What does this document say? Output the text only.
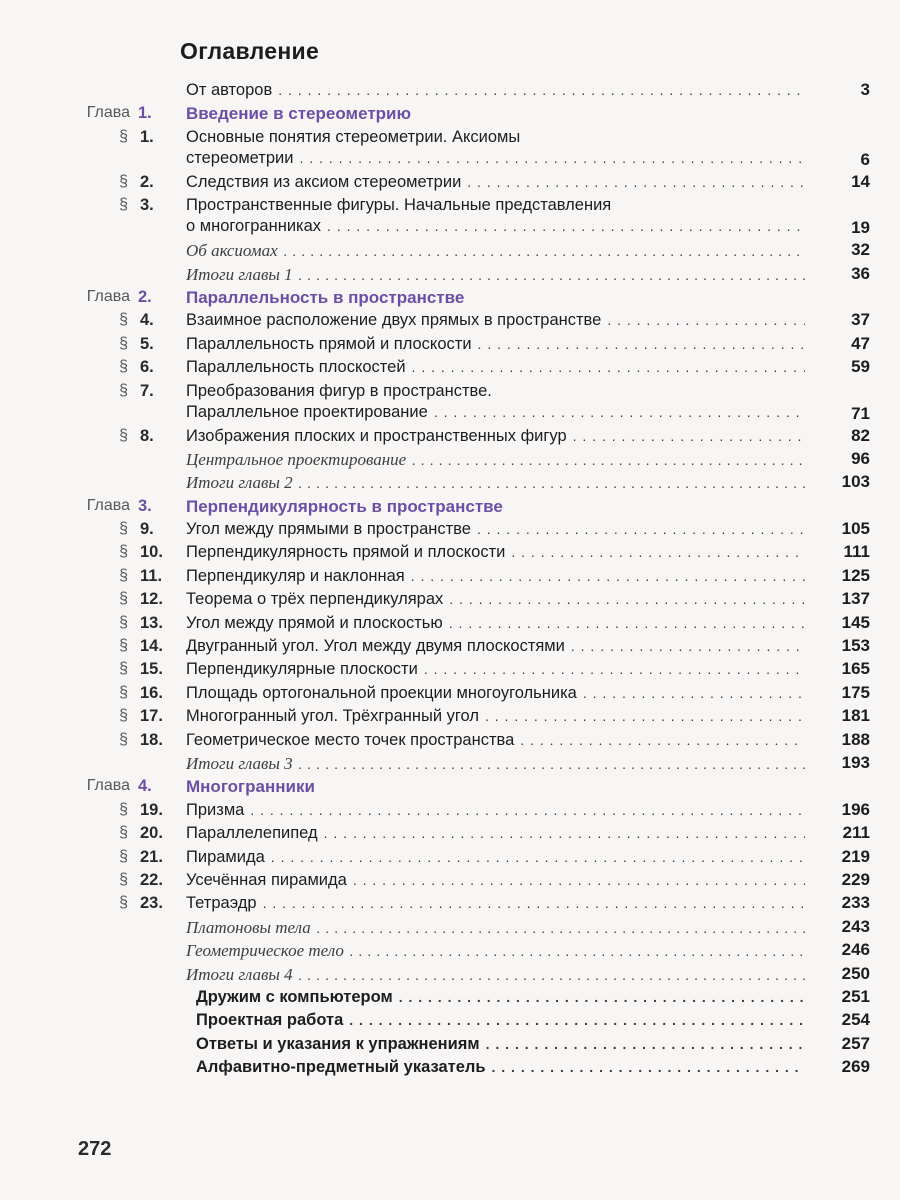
Оглавление
От авторов . . .	3
Глава 1. Введение в стереометрию
§ 1. Основные понятия стереометрии. Аксиомы
стереометрии . . .	6
§ 2. Следствия из аксиом стереометрии . . .	14
§ 3. Пространственные фигуры. Начальные представления
о многогранниках . . .	19
Об аксиомах . . .	32
Итоги главы 1 . . .	36
Глава 2. Параллельность в пространстве
§ 4. Взаимное расположение двух прямых в пространстве . . .	37
§ 5. Параллельность прямой и плоскости . . .	47
§ 6. Параллельность плоскостей . . .	59
§ 7. Преобразования фигур в пространстве.
Параллельное проектирование . . .	71
§ 8. Изображения плоских и пространственных фигур . . .	82
Центральное проектирование . . .	96
Итоги главы 2 . . .	103
Глава 3. Перпендикулярность в пространстве
§ 9. Угол между прямыми в пространстве . . .	105
§ 10. Перпендикулярность прямой и плоскости . . .	111
§ 11. Перпендикуляр и наклонная . . .	125
§ 12. Теорема о трёх перпендикулярах . . .	137
§ 13. Угол между прямой и плоскостью . . .	145
§ 14. Двугранный угол. Угол между двумя плоскостями . . .	153
§ 15. Перпендикулярные плоскости . . .	165
§ 16. Площадь ортогональной проекции многоугольника . . .	175
§ 17. Многогранный угол. Трёхгранный угол . . .	181
§ 18. Геометрическое место точек пространства . . .	188
Итоги главы 3 . . .	193
Глава 4. Многогранники
§ 19. Призма . . .	196
§ 20. Параллелепипед . . .	211
§ 21. Пирамида . . .	219
§ 22. Усечённая пирамида . . .	229
§ 23. Тетраэдр . . .	233
Платоновы тела . . .	243
Геометрическое тело . . .	246
Итоги главы 4 . . .	250
Дружим с компьютером . . .	251
Проектная работа . . .	254
Ответы и указания к упражнениям . . .	257
Алфавитно-предметный указатель . . .	269
272
